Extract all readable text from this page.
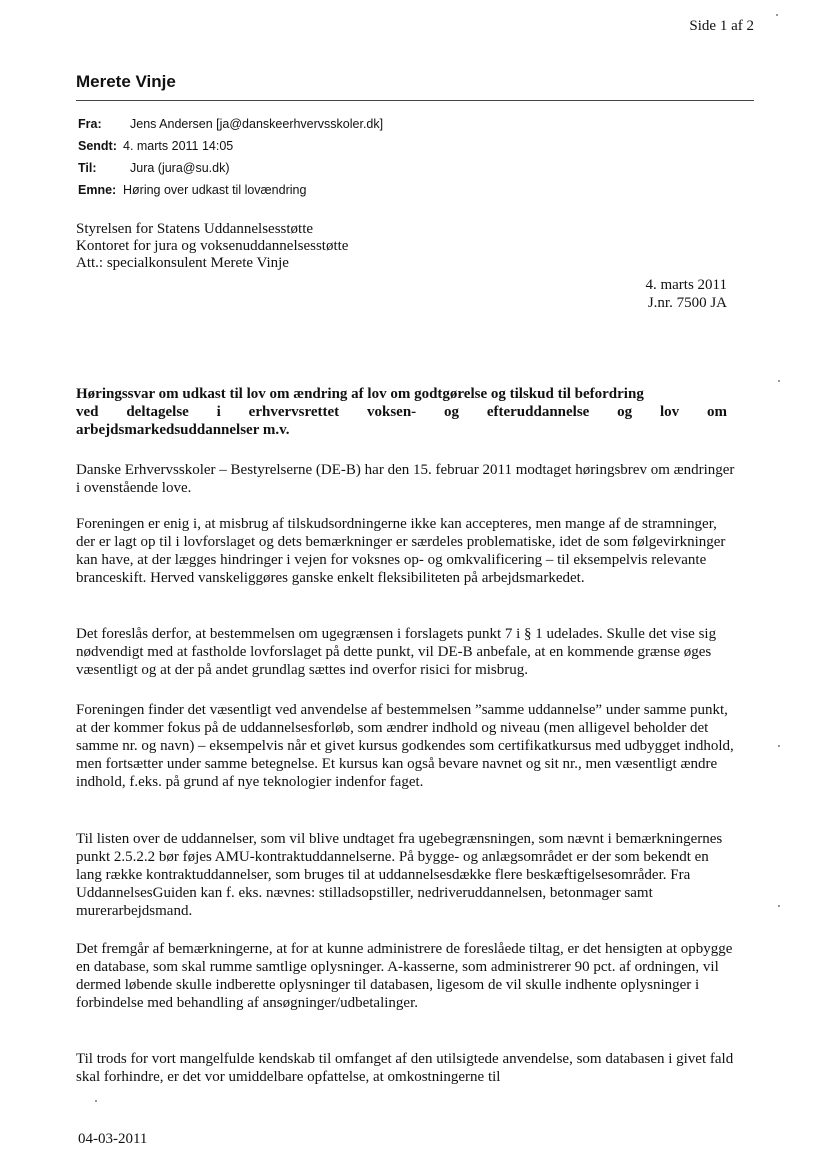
Side 1 af 2
Merete Vinje
Fra:	Jens Andersen [ja@danskeerhvervsskoler.dk]
Sendt: 4. marts 2011 14:05
Til:	Jura (jura@su.dk)
Emne: Høring over udkast til lovændring
Styrelsen for Statens Uddannelsesstøtte
Kontoret for jura og voksenuddannelsesstøtte
Att.: specialkonsulent Merete Vinje
4. marts 2011
J.nr. 7500 JA
Høringssvar om udkast til lov om ændring af lov om godtgørelse og tilskud til befordring
ved deltagelse i erhvervsrettet voksen- og efteruddannelse og lov om
arbejdsmarkedsuddannelser m.v.
Danske Erhvervsskoler – Bestyrelserne (DE-B) har den 15. februar 2011 modtaget høringsbrev om ændringer i ovenstående love.
Foreningen er enig i, at misbrug af tilskudsordningerne ikke kan accepteres, men mange af de stramninger, der er lagt op til i lovforslaget og dets bemærkninger er særdeles problematiske, idet de som følgevirkninger kan have, at der lægges hindringer i vejen for voksnes op- og omkvalificering – til eksempelvis relevante branceskift. Herved vanskeliggøres ganske enkelt fleksibiliteten på arbejdsmarkedet.
Det foreslås derfor, at bestemmelsen om ugegrænsen i forslagets punkt 7 i § 1 udelades. Skulle det vise sig nødvendigt med at fastholde lovforslaget på dette punkt, vil DE-B anbefale, at en kommende grænse øges væsentligt og at der på andet grundlag sættes ind overfor risici for misbrug.
Foreningen finder det væsentligt ved anvendelse af bestemmelsen ”samme uddannelse” under samme punkt, at der kommer fokus på de uddannelsesforløb, som ændrer indhold og niveau (men alligevel beholder det samme nr. og navn) – eksempelvis når et givet kursus godkendes som certifikatkursus med udbygget indhold, men fortsætter under samme betegnelse. Et kursus kan også bevare navnet og sit nr., men væsentligt ændre indhold, f.eks. på grund af nye teknologier indenfor faget.
Til listen over de uddannelser, som vil blive undtaget fra ugebegrænsningen, som nævnt i bemærkningernes punkt 2.5.2.2 bør føjes AMU-kontraktuddannelserne. På bygge- og anlægsområdet er der som bekendt en lang række kontraktuddannelser, som bruges til at uddannelsesdække flere beskæftigelsesområder. Fra UddannelsesGuiden kan f. eks. nævnes: stilladsopstiller, nedriveruddannelsen, betonmager samt murerarbejdsmand.
Det fremgår af bemærkningerne, at for at kunne administrere de foreslåede tiltag, er det hensigten at opbygge en database, som skal rumme samtlige oplysninger. A-kasserne, som administrerer 90 pct. af ordningen, vil dermed løbende skulle indberette oplysninger til databasen, ligesom de vil skulle indhente oplysninger i forbindelse med behandling af ansøgninger/udbetalinger.
Til trods for vort mangelfulde kendskab til omfanget af den utilsigtede anvendelse, som databasen i givet fald skal forhindre, er det vor umiddelbare opfattelse, at omkostningerne til
04-03-2011
